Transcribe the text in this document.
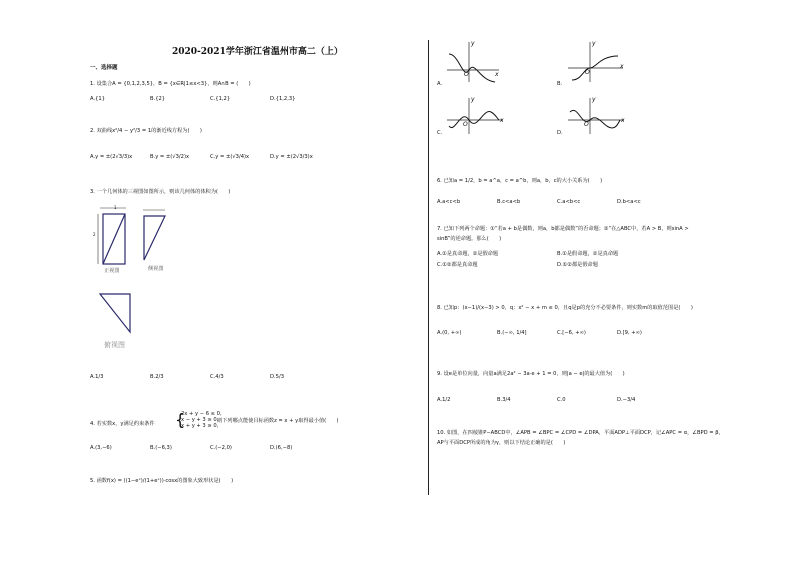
2020-2021学年浙江省温州市高二（上）
一、选择题
1. 设集合A = {0,1,2,3,5}，B = {x∈R|1≤x<3}，则A∩B = (　　)
A.{1}	B.{2}	C.{1,2}	D.{1,2,3}
2. 双曲线x²/4 − y²/3 = 1的渐近线方程为(　　)
A.y = ±(2√3/3)x	B.y = ±(√3/2)x	C.y = ±(√3/4)x	D.y = ±(2√3/3)x
3. 一个几何体的三视图如图所示，则该几何体的体积为(　　)
1
2
正视图	侧视图
俯视图
A.1/3	B.2/3	C.4/3	D.5/3
4. 若实数x，y满足约束条件 {
2x + y − 6 ≤ 0,
x − y + 3 ≥ 0,
x + y + 3 ≥ 0,
则下列哪点能使目标函数z = x + y取得最小值(　　)
A.(3,−6)	B.(−6,3)	C.(−2,0)	D.(6,−8)
5. 函数f(x) = ((1−eˣ)/(1+eˣ))·cosx的图象大致形状是(　　)
y
O	x
y
O
x
y
O
x
y
O
x
A.	B.
C.	D.
6. 已知a = 1/2，b = a^a，c = a^b，则a，b，c的大小关系为(　　)
A.a<c<b	B.c<a<b	C.a<b<c	D.b<a<c
7. 已知下列两个命题：①“若a + b是偶数，则a，b都是偶数”的否命题；②“在△ABC中，若A > B，则sinA >
sinB”的逆命题。那么(　　)
A.①是真命题，②是假命题	B.①是假命题，②是真命题
C.①②都是真命题	D.①②都是假命题
8. 已知p：(x−1)/(x−3) > 0，q：x² − x + m ≤ 0，且q是p的充分不必要条件，则实数m的取值范围是(　　)
A.(0, +∞)	B.(−∞, 1/4]	C.[−6, +∞)	D.[9, +∞)
9. 设e是单位向量，向量a满足2a² − 3a·e + 1 = 0，则|a − e|的最大值为(　　)
A.1/2	B.3/4	C.0	D.−3/4
10. 如图，在四棱锥P−ABCD中，∠APB = ∠BPC = ∠CPD = ∠DPA，平面ADP⊥平面DCP，记∠APC = α，∠BPD = β，
AP与平面DCP所成的角为γ，则以下结论正确的是(　　)
